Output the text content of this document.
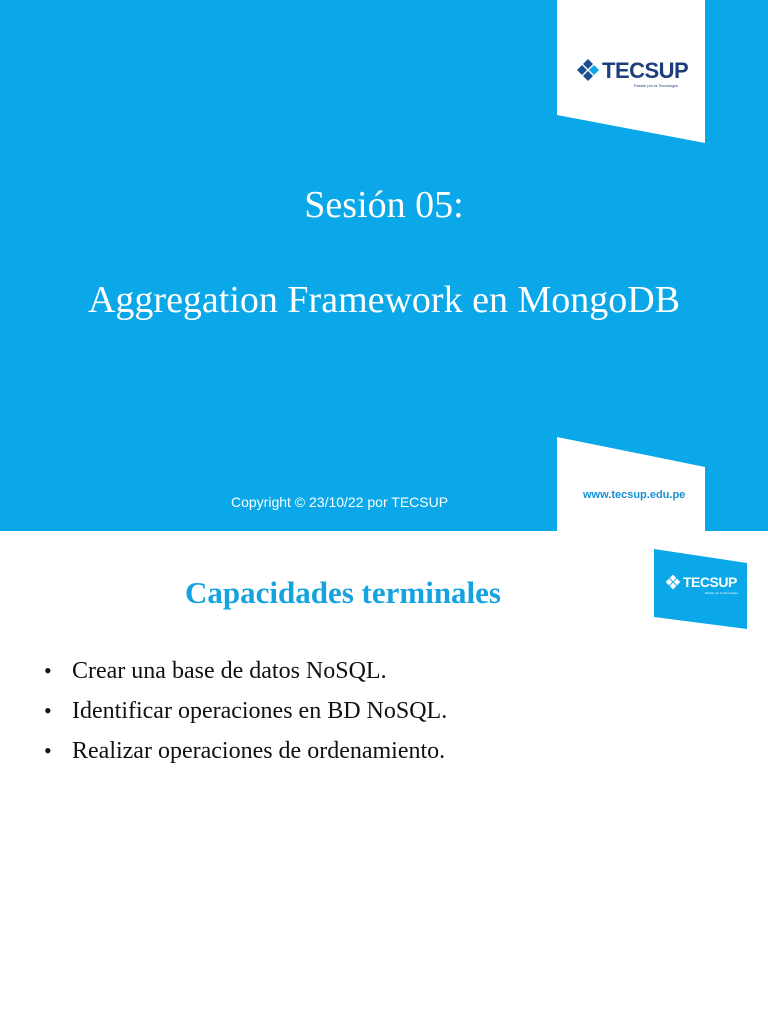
TECSUP
Pasión por la Tecnología
Sesión 05:
Aggregation Framework en MongoDB
Copyright © 23/10/22 por TECSUP	www.tecsup.edu.pe
Capacidades terminales
• Crear una base de datos NoSQL.
• Identificar operaciones en BD NoSQL.
• Realizar operaciones de ordenamiento.
TECSUP
Pasión por la Tecnología
